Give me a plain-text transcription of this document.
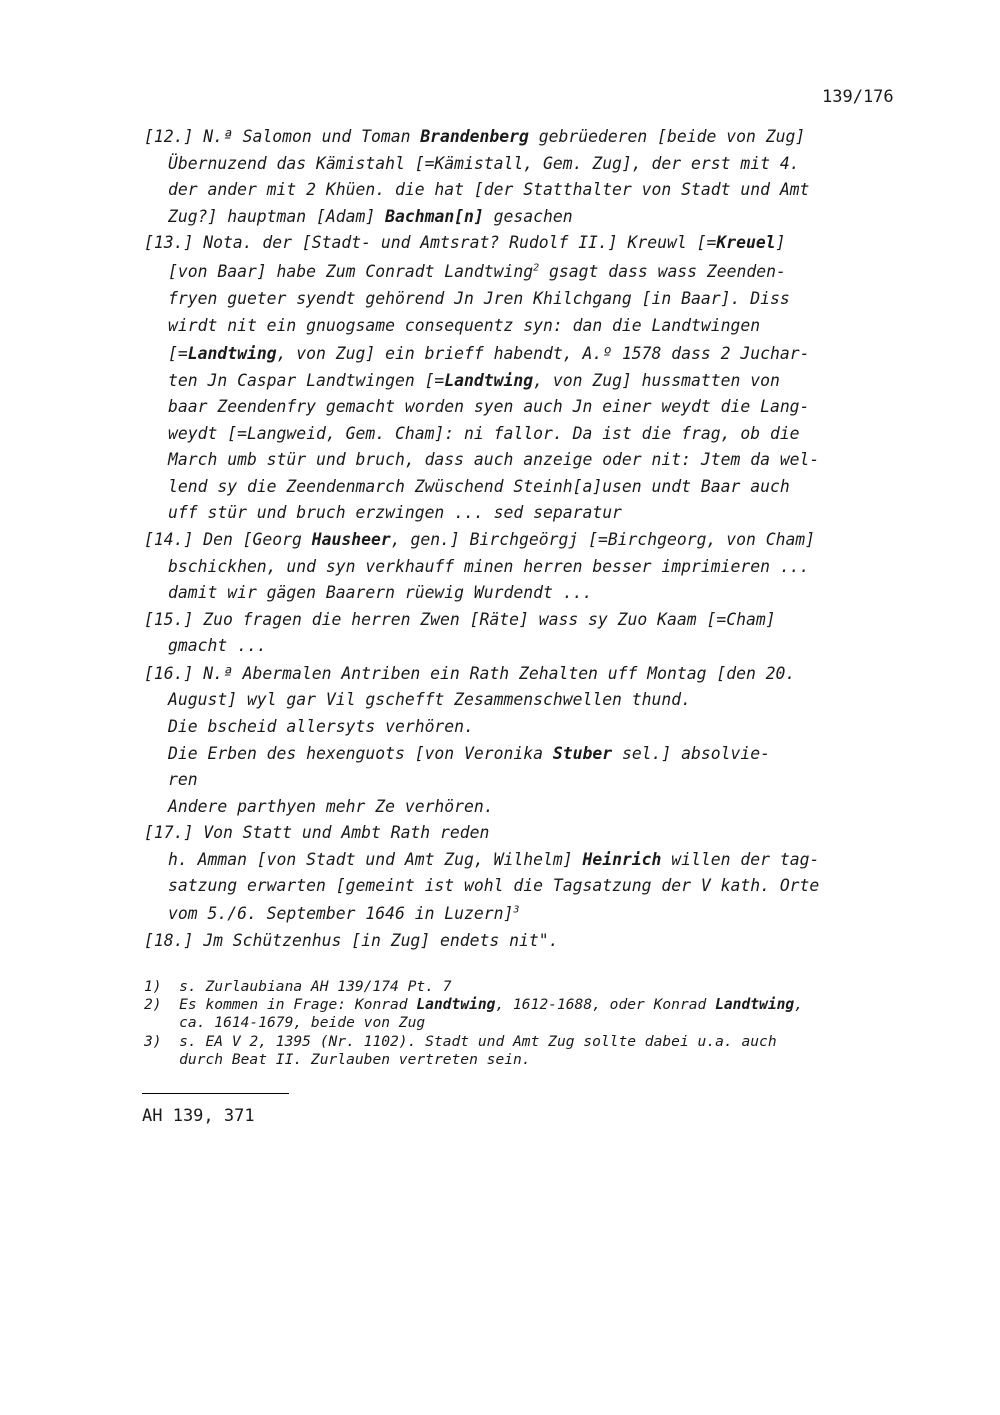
139/176
[12.] N.ª Salomon und Toman Brandenberg gebrüederen [beide von Zug]
Übernuzend das Kämistahl [=Kämistall, Gem. Zug], der erst mit 4.
der ander mit 2 Khüen. die hat [der Statthalter von Stadt und Amt
Zug?] hauptman [Adam] Bachman[n] gesachen
[13.] Nota. der [Stadt- und Amtsrat? Rudolf II.] Kreuwl [=Kreuel]
[von Baar] habe Zum Conradt Landtwing$^2$ gsagt dass wass Zeenden-
fryen gueter syendt gehörend Jn Jren Khilchgang [in Baar]. Diss
wirdt nit ein gnuogsame consequentz syn: dan die Landtwingen
[=Landtwing, von Zug] ein brieff habendt, A.º 1578 dass 2 Juchar-
ten Jn Caspar Landtwingen [=Landtwing, von Zug] hussmatten von
baar Zeendenfry gemacht worden syen auch Jn einer weydt die Lang-
weydt [=Langweid, Gem. Cham]: ni fallor. Da ist die frag, ob die
March umb stür und bruch, dass auch anzeige oder nit: Jtem da wel-
lend sy die Zeendenmarch Zwüschend Steinh[a]usen undt Baar auch
uff stür und bruch erzwingen ... sed separatur
[14.] Den [Georg Hausheer, gen.] Birchgeörgj [=Birchgeorg, von Cham]
bschickhen, und syn verkhauff minen herren besser imprimieren ...
damit wir gägen Baarern rüewig Wurdendt ...
[15.] Zuo fragen die herren Zwen [Räte] wass sy Zuo Kaam [=Cham]
gmacht ...
[16.] N.ª Abermalen Antriben ein Rath Zehalten uff Montag [den 20.
August] wyl gar Vil gschefft Zesammenschwellen thund.
Die bscheid allersyts verhören.
Die Erben des hexenguots [von Veronika Stuber sel.] absolvie-
ren
Andere parthyen mehr Ze verhören.
[17.] Von Statt und Ambt Rath reden
h. Amman [von Stadt und Amt Zug, Wilhelm] Heinrich willen der tag-
satzung erwarten [gemeint ist wohl die Tagsatzung der V kath. Orte
vom 5./6. September 1646 in Luzern]$^3$
[18.] Jm Schützenhus [in Zug] endets nit".
1)  s. Zurlaubiana AH 139/174 Pt. 7
2)  Es kommen in Frage: Konrad Landtwing, 1612-1688, oder Konrad Landtwing,
ca. 1614-1679, beide von Zug
3)  s. EA V 2, 1395 (Nr. 1102). Stadt und Amt Zug sollte dabei u.a. auch
durch Beat II. Zurlauben vertreten sein.
AH 139, 371
